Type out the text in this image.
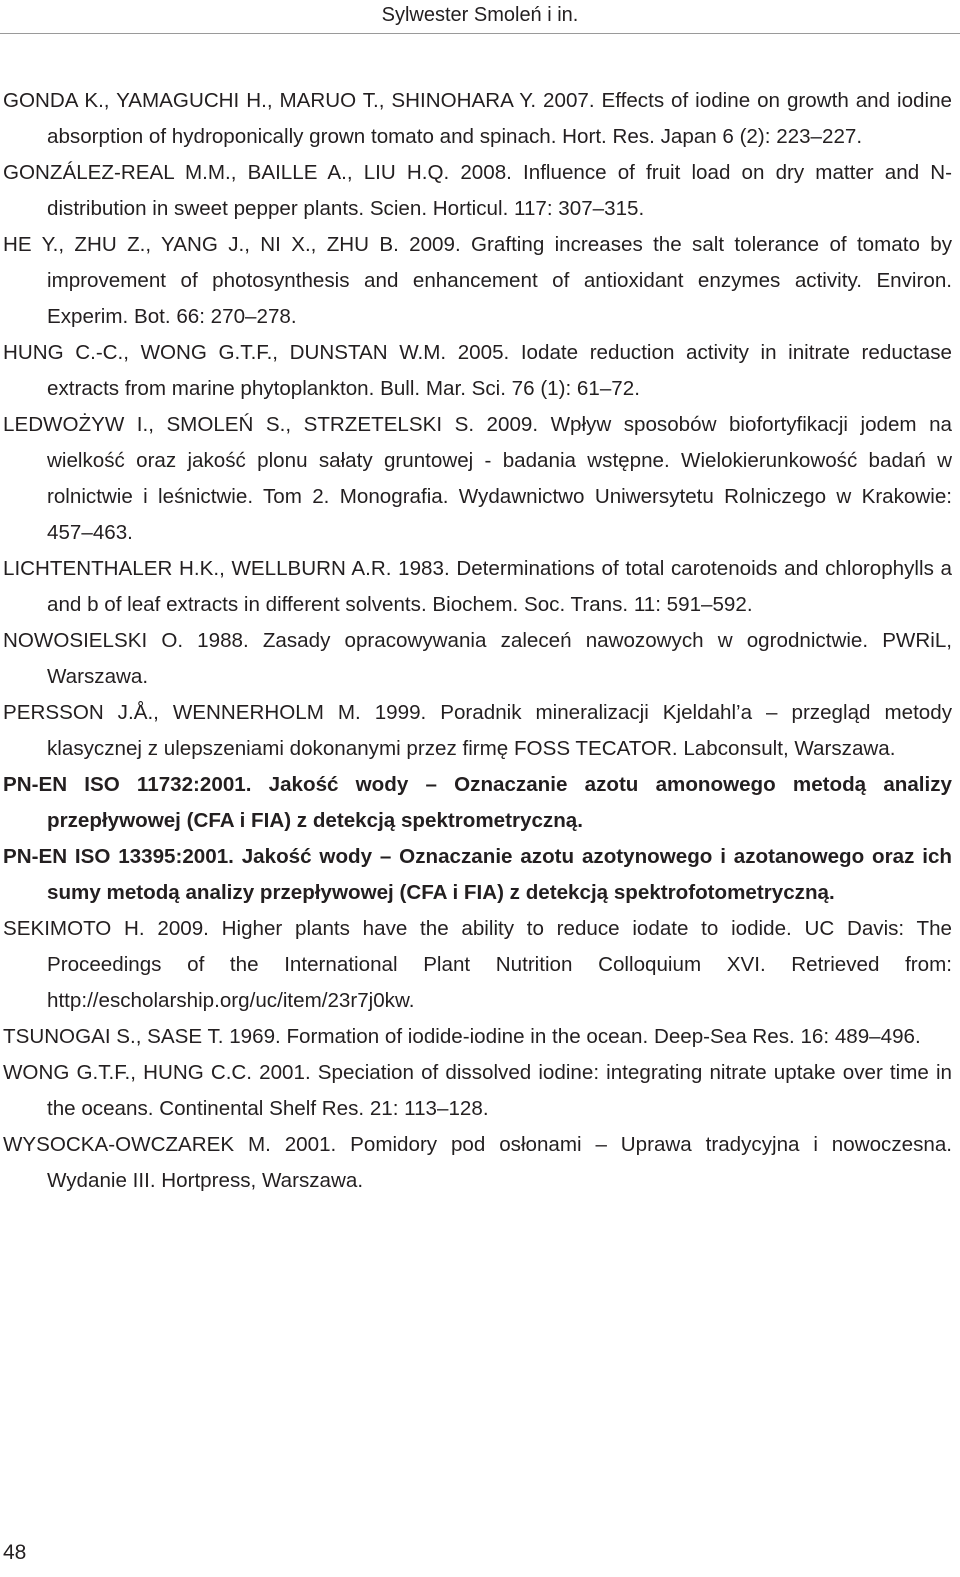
Sylwester Smoleń i in.
GONDA K., YAMAGUCHI H., MARUO T., SHINOHARA Y. 2007. Effects of iodine on growth and iodine absorption of hydroponically grown tomato and spinach. Hort. Res. Japan 6 (2): 223–227.
GONZÁLEZ-REAL M.M., BAILLE A., LIU H.Q. 2008. Influence of fruit load on dry matter and N-distribution in sweet pepper plants. Scien. Horticul. 117: 307–315.
HE Y., ZHU Z., YANG J., NI X., ZHU B. 2009. Grafting increases the salt tolerance of tomato by improvement of photosynthesis and enhancement of antioxidant enzymes activity. Environ. Experim. Bot. 66: 270–278.
HUNG C.-C., WONG G.T.F., DUNSTAN W.M. 2005. Iodate reduction activity in initrate reductase extracts from marine phytoplankton. Bull. Mar. Sci. 76 (1): 61–72.
LEDWOŻYW I., SMOLEŃ S., STRZETELSKI S. 2009. Wpływ sposobów biofortyfikacji jodem na wielkość oraz jakość plonu sałaty gruntowej - badania wstępne. Wielokierunkowość badań w rolnictwie i leśnictwie. Tom 2. Monografia. Wydawnictwo Uniwersytetu Rolniczego w Krakowie: 457–463.
LICHTENTHALER H.K., WELLBURN A.R. 1983. Determinations of total carotenoids and chlorophylls a and b of leaf extracts in different solvents. Biochem. Soc. Trans. 11: 591–592.
NOWOSIELSKI O. 1988. Zasady opracowywania zaleceń nawozowych w ogrodnictwie. PWRiL, Warszawa.
PERSSON J.Å., WENNERHOLM M. 1999. Poradnik mineralizacji Kjeldahl’a – przegląd metody klasycznej z ulepszeniami dokonanymi przez firmę FOSS TECATOR. Labconsult, Warszawa.
PN-EN ISO 11732:2001. Jakość wody – Oznaczanie azotu amonowego metodą analizy przepływowej (CFA i FIA) z detekcją spektrometryczną.
PN-EN ISO 13395:2001. Jakość wody – Oznaczanie azotu azotynowego i azotanowego oraz ich sumy metodą analizy przepływowej (CFA i FIA) z detekcją spektrofotometryczną.
SEKIMOTO H. 2009. Higher plants have the ability to reduce iodate to iodide. UC Davis: The Proceedings of the International Plant Nutrition Colloquium XVI. Retrieved from: http://escholarship.org/uc/item/23r7j0kw.
TSUNOGAI S., SASE T. 1969. Formation of iodide-iodine in the ocean. Deep-Sea Res. 16: 489–496.
WONG G.T.F., HUNG C.C. 2001. Speciation of dissolved iodine: integrating nitrate uptake over time in the oceans. Continental Shelf Res. 21: 113–128.
WYSOCKA-OWCZAREK M. 2001. Pomidory pod osłonami – Uprawa tradycyjna i nowoczesna. Wydanie III. Hortpress, Warszawa.
48
